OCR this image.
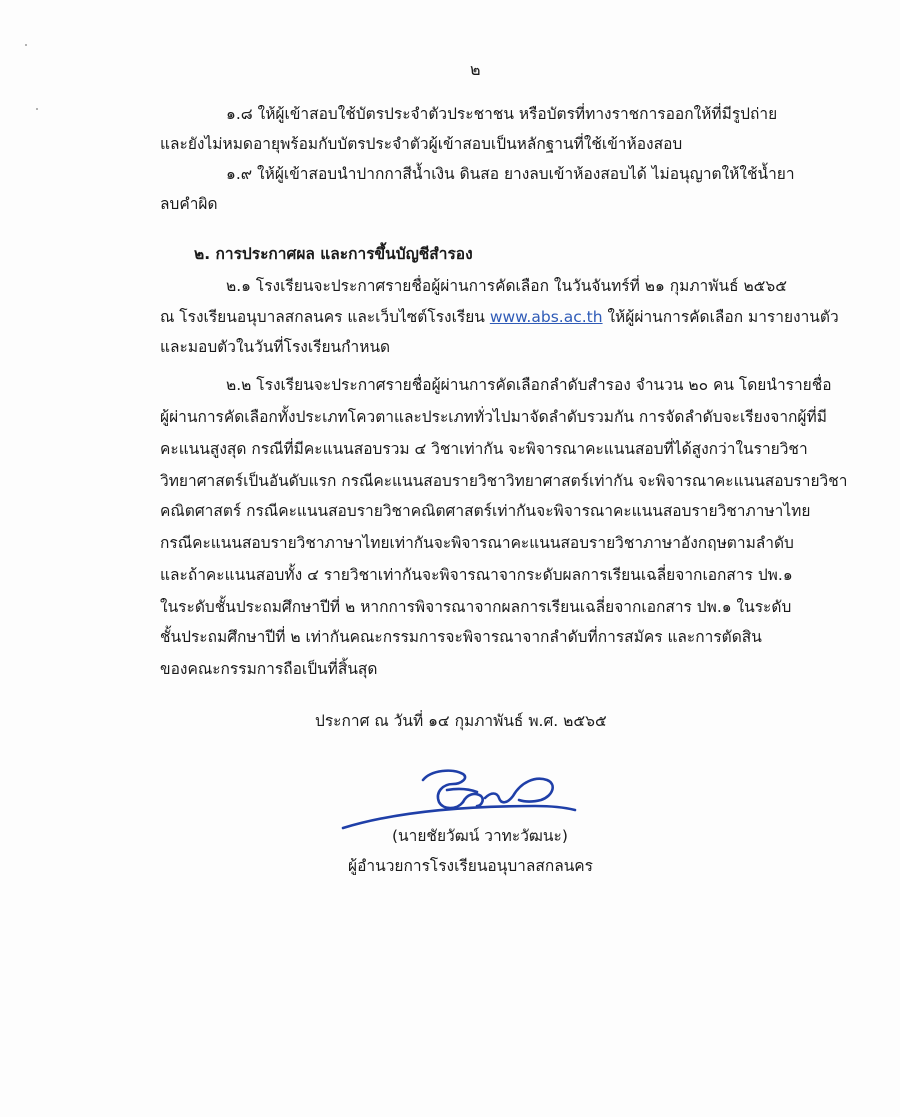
๒
๑.๘ ให้ผู้เข้าสอบใช้บัตรประจำตัวประชาชน หรือบัตรที่ทางราชการออกให้ที่มีรูปถ่าย
และยังไม่หมดอายุพร้อมกับบัตรประจำตัวผู้เข้าสอบเป็นหลักฐานที่ใช้เข้าห้องสอบ
๑.๙ ให้ผู้เข้าสอบนำปากกาสีน้ำเงิน ดินสอ ยางลบเข้าห้องสอบได้ ไม่อนุญาตให้ใช้น้ำยา
ลบคำผิด
๒. การประกาศผล และการขึ้นบัญชีสำรอง
๒.๑ โรงเรียนจะประกาศรายชื่อผู้ผ่านการคัดเลือก ในวันจันทร์ที่ ๒๑ กุมภาพันธ์ ๒๕๖๕
ณ โรงเรียนอนุบาลสกลนคร และเว็บไซต์โรงเรียน www.abs.ac.th ให้ผู้ผ่านการคัดเลือก มารายงานตัว
และมอบตัวในวันที่โรงเรียนกำหนด
๒.๒ โรงเรียนจะประกาศรายชื่อผู้ผ่านการคัดเลือกลำดับสำรอง จำนวน ๒๐ คน โดยนำรายชื่อ
ผู้ผ่านการคัดเลือกทั้งประเภทโควตาและประเภททั่วไปมาจัดลำดับรวมกัน การจัดลำดับจะเรียงจากผู้ที่มี
คะแนนสูงสุด กรณีที่มีคะแนนสอบรวม ๔ วิชาเท่ากัน จะพิจารณาคะแนนสอบที่ได้สูงกว่าในรายวิชา
วิทยาศาสตร์เป็นอันดับแรก กรณีคะแนนสอบรายวิชาวิทยาศาสตร์เท่ากัน จะพิจารณาคะแนนสอบรายวิชา
คณิตศาสตร์ กรณีคะแนนสอบรายวิชาคณิตศาสตร์เท่ากันจะพิจารณาคะแนนสอบรายวิชาภาษาไทย
กรณีคะแนนสอบรายวิชาภาษาไทยเท่ากันจะพิจารณาคะแนนสอบรายวิชาภาษาอังกฤษตามลำดับ
และถ้าคะแนนสอบทั้ง ๔ รายวิชาเท่ากันจะพิจารณาจากระดับผลการเรียนเฉลี่ยจากเอกสาร ปพ.๑
ในระดับชั้นประถมศึกษาปีที่ ๒ หากการพิจารณาจากผลการเรียนเฉลี่ยจากเอกสาร ปพ.๑ ในระดับ
ชั้นประถมศึกษาปีที่ ๒ เท่ากันคณะกรรมการจะพิจารณาจากลำดับที่การสมัคร และการตัดสิน
ของคณะกรรมการถือเป็นที่สิ้นสุด
ประกาศ ณ วันที่ ๑๔ กุมภาพันธ์ พ.ศ. ๒๕๖๕
(นายชัยวัฒน์ วาทะวัฒนะ)
ผู้อำนวยการโรงเรียนอนุบาลสกลนคร
